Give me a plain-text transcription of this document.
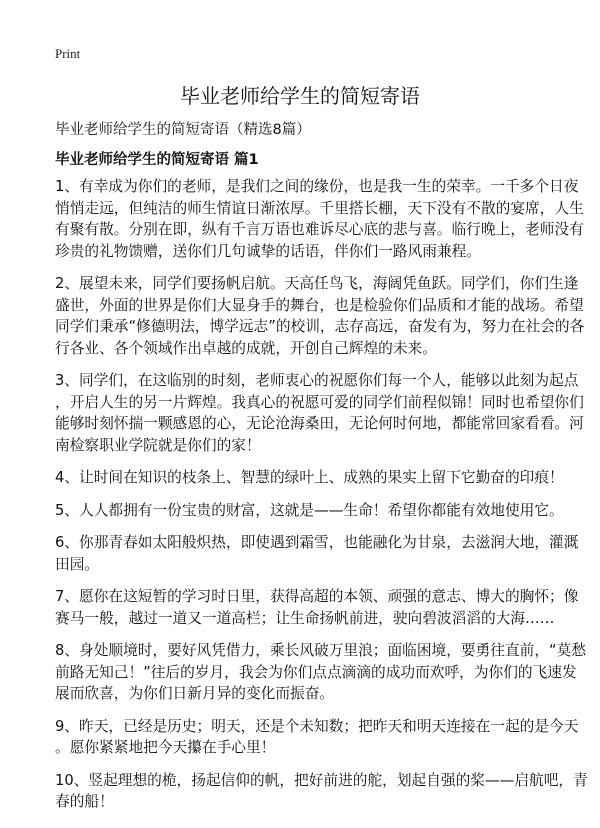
Print
毕业老师给学生的简短寄语
毕业老师给学生的简短寄语（精选8篇）
毕业老师给学生的简短寄语 篇1

1、有幸成为你们的老师，是我们之间的缘份，也是我一生的荣幸。一千多个日夜
悄悄走远，但纯洁的师生情谊日渐浓厚。千里搭长棚，天下没有不散的宴席，人生
有聚有散。分别在即，纵有千言万语也难诉尽心底的悲与喜。临行晚上，老师没有
珍贵的礼物馈赠，送你们几句诚挚的话语，伴你们一路风雨兼程。

2、展望未来，同学们要扬帆启航。天高任鸟飞，海阔凭鱼跃。同学们，你们生逢
盛世，外面的世界是你们大显身手的舞台，也是检验你们品质和才能的战场。希望
同学们秉承“修德明法，博学远志”的校训，志存高远，奋发有为，努力在社会的各
行各业、各个领域作出卓越的成就，开创自己辉煌的未来。

3、同学们，在这临别的时刻，老师衷心的祝愿你们每一个人，能够以此刻为起点
，开启人生的另一片辉煌。我真心的祝愿可爱的同学们前程似锦！同时也希望你们
能够时刻怀揣一颗感恩的心，无论沧海桑田，无论何时何地，都能常回家看看。河
南检察职业学院就是你们的家！

4、让时间在知识的枝条上、智慧的绿叶上、成熟的果实上留下它勤奋的印痕！

5、人人都拥有一份宝贵的财富，这就是——生命！希望你都能有效地使用它。

6、你那青春如太阳般炽热，即使遇到霜雪，也能融化为甘泉，去滋润大地，灌溉
田园。

7、愿你在这短暂的学习时日里，获得高超的本领、顽强的意志、博大的胸怀；像
赛马一般，越过一道又一道高栏；让生命扬帆前进，驶向碧波滔滔的大海……

8、身处顺境时，要好风凭借力，乘长风破万里浪；面临困境，要勇往直前，“莫愁
前路无知己！”往后的岁月，我会为你们点点滴滴的成功而欢呼，为你们的飞速发
展而欣喜，为你们日新月异的变化而振奋。

9、昨天，已经是历史；明天，还是个未知数；把昨天和明天连接在一起的是今天
。愿你紧紧地把今天攥在手心里！

10、竖起理想的桅，扬起信仰的帆，把好前进的舵，划起自强的桨——启航吧，青
春的船！
